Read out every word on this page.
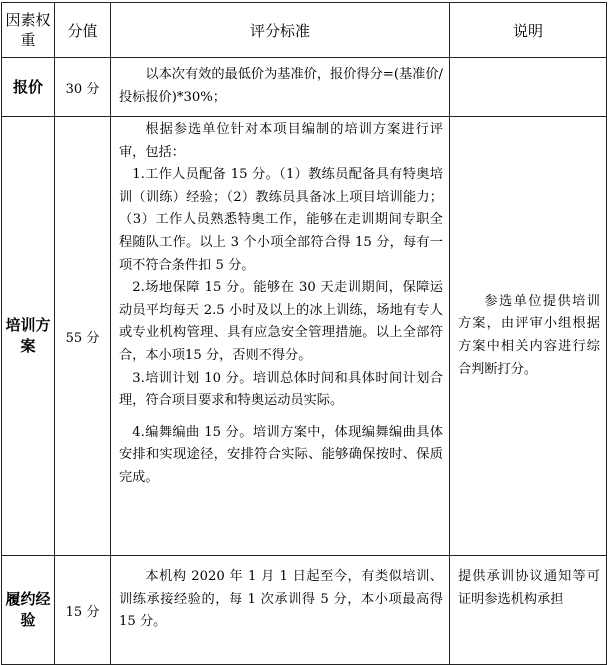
因素权重	分值	评分标准	说明
报价	30 分	以本次有效的最低价为基准价，报价得分=(基准价/投标报价)*30%；	

培训方案	55 分	根据参选单位针对本项目编制的培训方案进行评审，包括：

1.工作人员配备 15 分。（1）教练员配备具有特奥培训（训练）经验；（2）教练员具备冰上项目培训能力；（3）工作人员熟悉特奥工作，能够在走训期间专职全程随队工作。以上 3 个小项全部符合得 15 分，每有一项不符合条件扣 5 分。

2.场地保障 15 分。能够在 30 天走训期间，保障运动员平均每天 2.5 小时及以上的冰上训练，场地有专人或专业机构管理、具有应急安全管理措施。以上全部符合，本小项15 分，否则不得分。

3.培训计划 10 分。培训总体时间和具体时间计划合理，符合项目要求和特奥运动员实际。

4.编舞编曲 15 分。培训方案中，体现编舞编曲具体安排和实现途径，安排符合实际、能够确保按时、保质完成。	参选单位提供培训方案，由评审小组根据方案中相关内容进行综合判断打分。

履约经验	15 分	本机构 2020 年 1 月 1 日起至今，有类似培训、训练承接经验的，每 1 次承训得 5 分，本小项最高得 15 分。	提供承训协议通知等可证明参选机构承担
